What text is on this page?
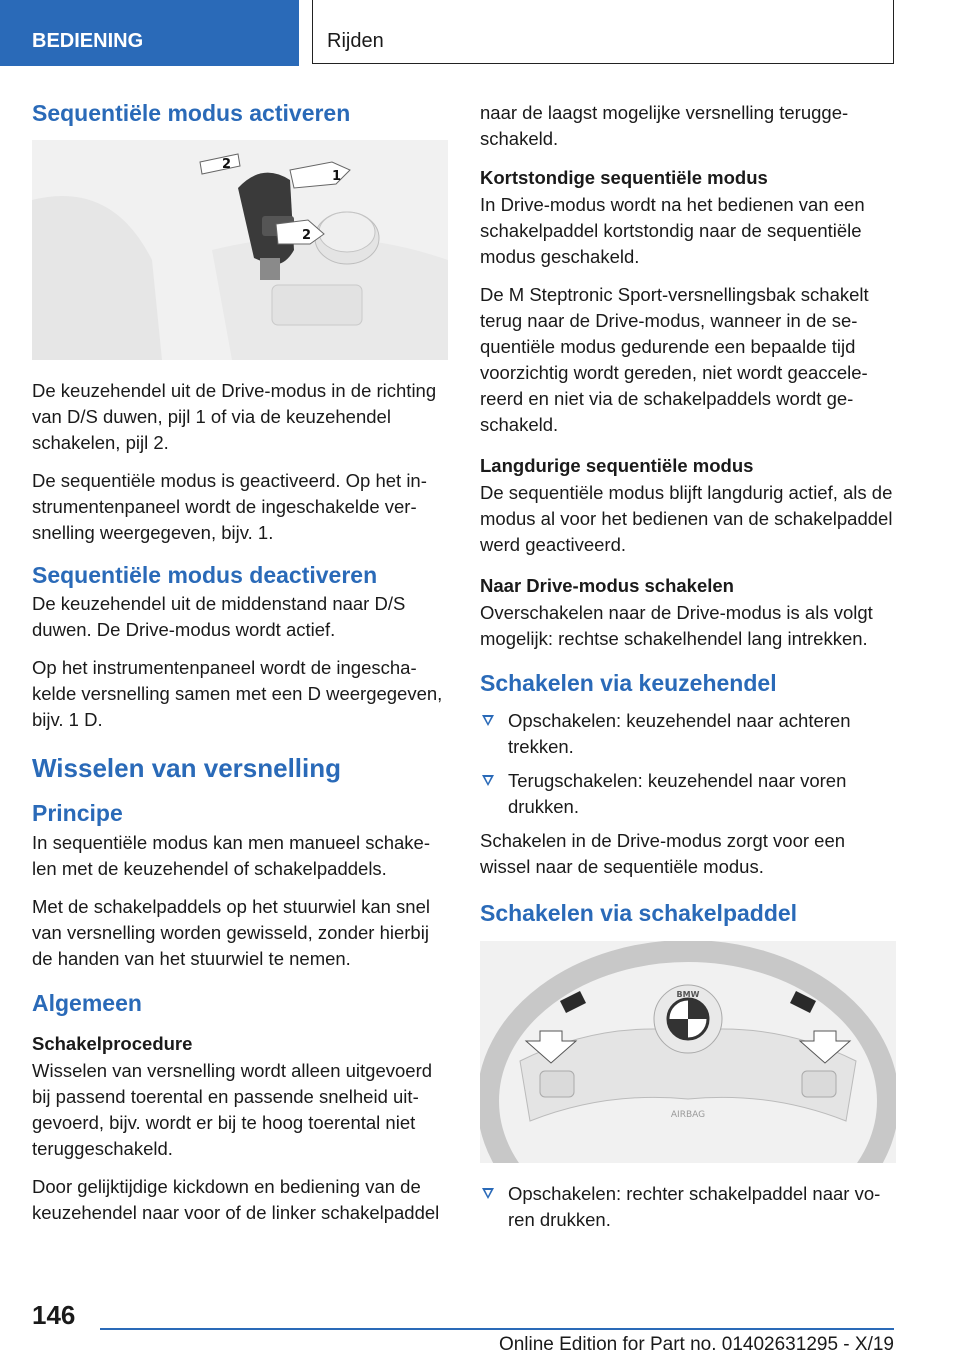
BEDIENING	Rijden
Sequentiële modus activeren
2
1
2

De keuzehendel uit de Drive-modus in de richting van D/S duwen, pijl 1 of via de keuzehendel schakelen, pijl 2.

De sequentiële modus is geactiveerd. Op het instrumentenpaneel wordt de ingeschakelde versnelling weergegeven, bijv. 1.

Sequentiële modus deactiveren

De keuzehendel uit de middenstand naar D/S duwen. De Drive-modus wordt actief.

Op het instrumentenpaneel wordt de ingeschakelde versnelling samen met een D weergegeven, bijv. 1 D.

Wisselen van versnelling
Principe

In sequentiële modus kan men manueel schakelen met de keuzehendel of schakelpaddels.

Met de schakelpaddels op het stuurwiel kan snel van versnelling worden gewisseld, zonder hierbij de handen van het stuurwiel te nemen.

Algemeen
Schakelprocedure

Wisselen van versnelling wordt alleen uitgevoerd bij passend toerental en passende snelheid uitgevoerd, bijv. wordt er bij te hoog toerental niet teruggeschakeld.

Door gelijktijdige kickdown en bediening van de keuzehendel naar voor of de linker schakelpaddel

naar de laagst mogelijke versnelling teruggeschakeld.

Kortstondige sequentiële modus

In Drive-modus wordt na het bedienen van een schakelpaddel kortstondig naar de sequentiële modus geschakeld.

De M Steptronic Sport-versnellingsbak schakelt terug naar de Drive-modus, wanneer in de sequentiële modus gedurende een bepaalde tijd voorzichtig wordt gereden, niet wordt geaccelereerd en niet via de schakelpaddels wordt geschakeld.

Langdurige sequentiële modus

De sequentiële modus blijft langdurig actief, als de modus al voor het bedienen van de schakelpaddel werd geactiveerd.

Naar Drive-modus schakelen

Overschakelen naar de Drive-modus is als volgt mogelijk: rechtse schakelhendel lang intrekken.

Schakelen via keuzehendel
Opschakelen: keuzehendel naar achteren trekken.
Terugschakelen: keuzehendel naar voren drukken.

Schakelen in de Drive-modus zorgt voor een wissel naar de sequentiële modus.

Schakelen via schakelpaddel
BMW
AIRBAG
Opschakelen: rechter schakelpaddel naar voren drukken.
146
Online Edition for Part no. 01402631295 - X/19
